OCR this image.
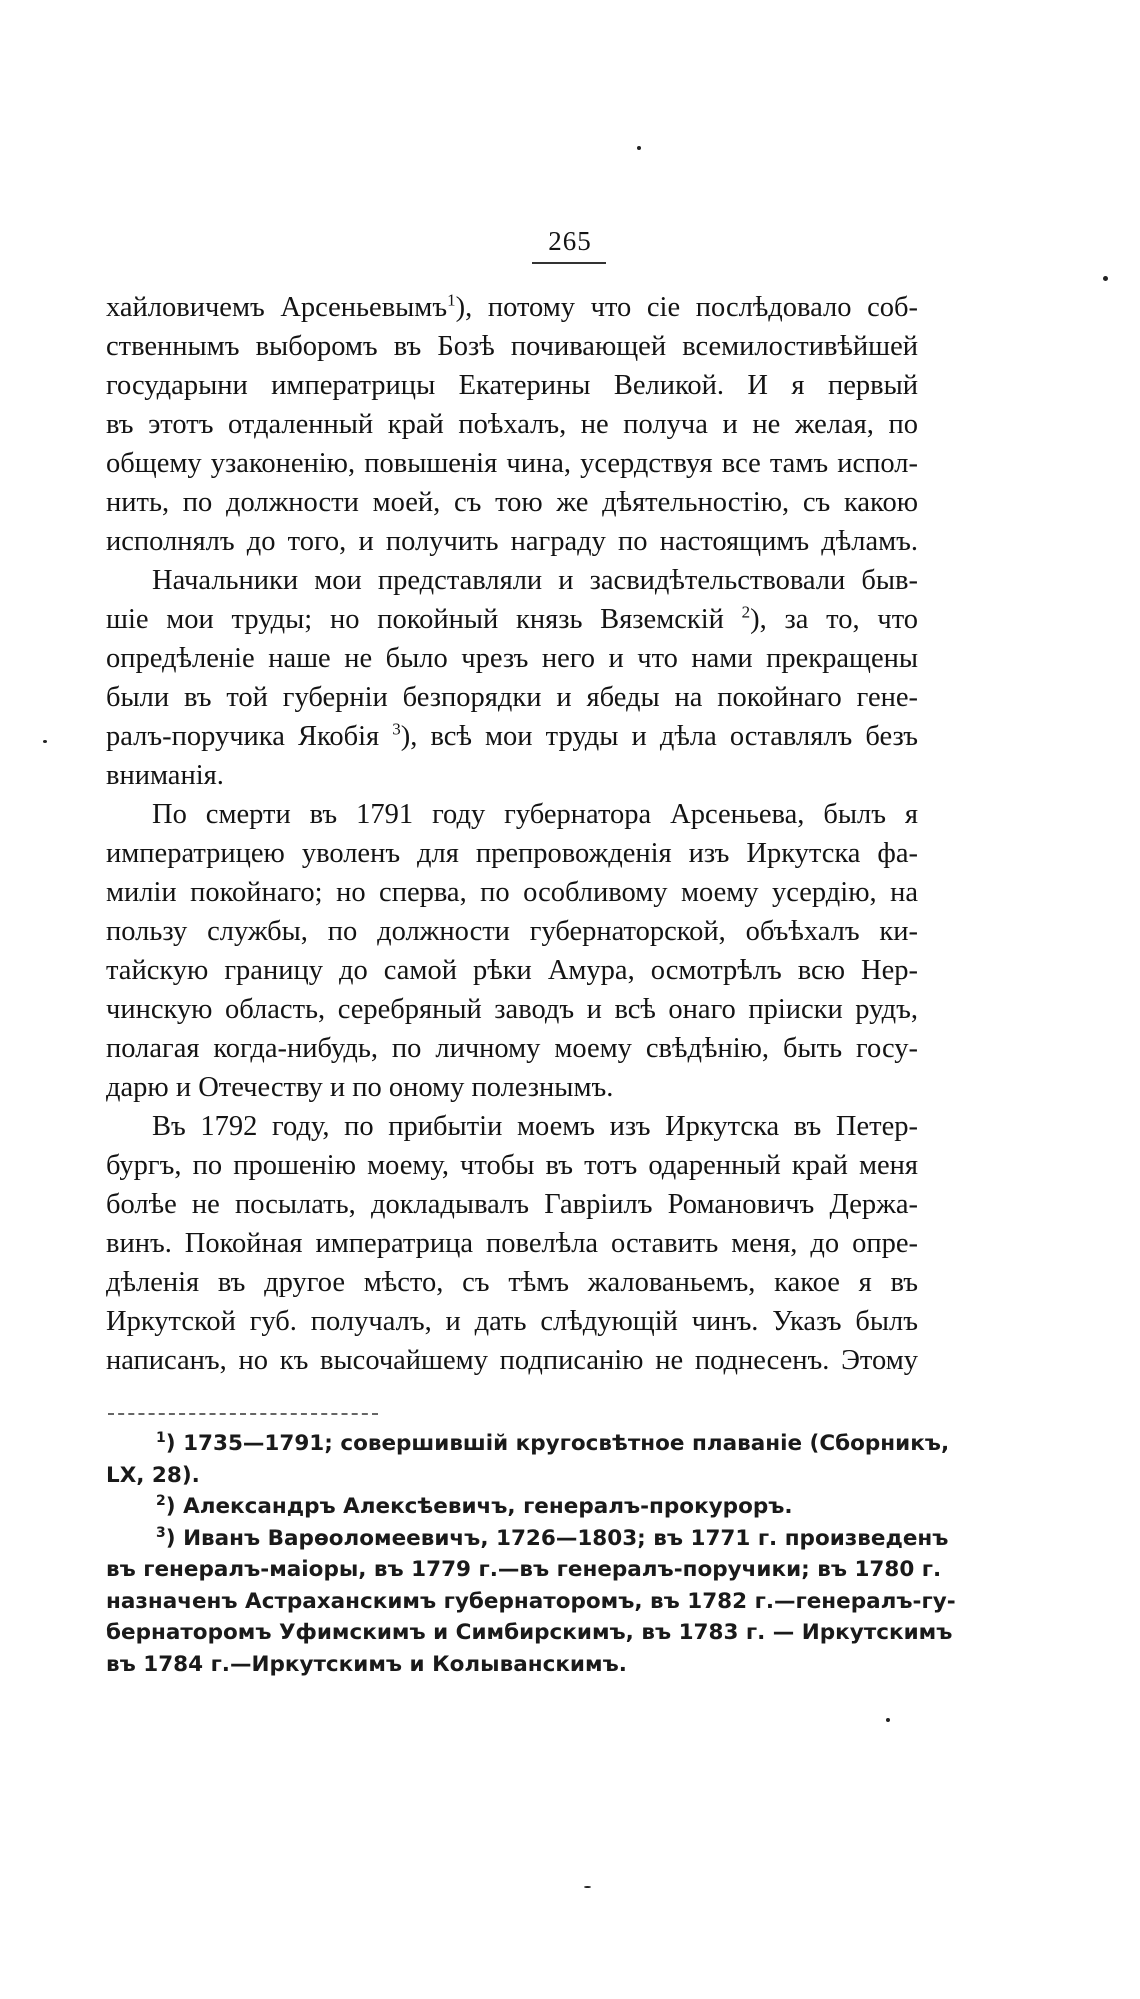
265
хайловичемъ Арсеньевымъ$^1$), потому что сіе послѣдовало соб-
ственнымъ выборомъ въ Бозѣ почивающей всемилостивѣйшей
государыни императрицы Екатерины Великой. И я первый
въ этотъ отдаленный край поѣхалъ, не получа и не желая, по
общему узаконенію, повышенія чина, усердствуя все тамъ испол-
нить, по должности моей, съ тою же дѣятельностію, съ какою
исполнялъ до того, и получить награду по настоящимъ дѣламъ.
Начальники мои представляли и засвидѣтельствовали быв-
шіе мои труды; но покойный князь Вяземскій $^2$), за то, что
опредѣленіе наше не было чрезъ него и что нами прекращены
были въ той губерніи безпорядки и ябеды на покойнаго гене-
ралъ-поручика Якобія $^3$), всѣ мои труды и дѣла оставлялъ безъ
вниманія.
По смерти въ 1791 году губернатора Арсеньева, былъ я
императрицею уволенъ для препровожденія изъ Иркутска фа-
миліи покойнаго; но сперва, по особливому моему усердію, на
пользу службы, по должности губернаторской, объѣхалъ ки-
тайскую границу до самой рѣки Амура, осмотрѣлъ всю Нер-
чинскую область, серебряный заводъ и всѣ онаго пріиски рудъ,
полагая когда-нибудь, по личному моему свѣдѣнію, быть госу-
дарю и Отечеству и по оному полезнымъ.
Въ 1792 году, по прибытіи моемъ изъ Иркутска въ Петер-
бургъ, по прошенію моему, чтобы въ тотъ одаренный край меня
болѣе не посылать, докладывалъ Гавріилъ Романовичъ Держа-
винъ. Покойная императрица повелѣла оставить меня, до опре-
дѣленія въ другое мѣсто, съ тѣмъ жалованьемъ, какое я въ
Иркутской губ. получалъ, и дать слѣдующій чинъ. Указъ былъ
написанъ, но къ высочайшему подписанію не поднесенъ. Этому
$^1$) 1735—1791; совершившій кругосвѣтное плаваніе (Сборникъ,
LX, 28).
$^2$) Александръ Алексѣевичъ, генералъ-прокуроръ.
$^3$) Иванъ Варѳоломеевичъ, 1726—1803; въ 1771 г. произведенъ
въ генералъ-маіоры, въ 1779 г.—въ генералъ-поручики; въ 1780 г.
назначенъ Астраханскимъ губернаторомъ, въ 1782 г.—генералъ-гу-
бернаторомъ Уфимскимъ и Симбирскимъ, въ 1783 г. — Иркутскимъ
въ 1784 г.—Иркутскимъ и Колыванскимъ.
